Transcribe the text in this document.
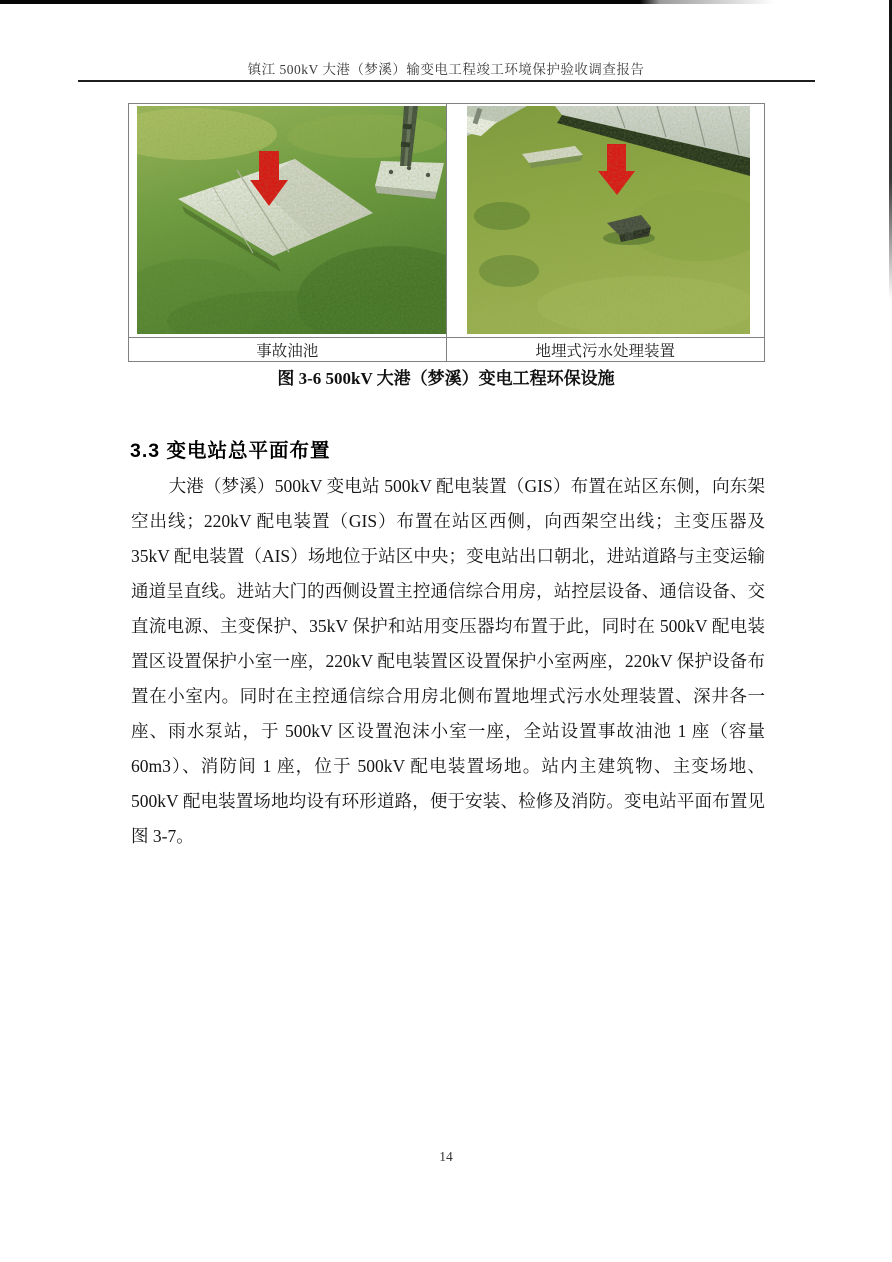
镇江 500kV 大港（梦溪）输变电工程竣工环境保护验收调查报告
事故油池	地埋式污水处理装置
图 3-6 500kV 大港（梦溪）变电工程环保设施
3.3 变电站总平面布置
大港（梦溪）500kV 变电站 500kV 配电装置（GIS）布置在站区东侧，向东架空出线；220kV 配电装置（GIS）布置在站区西侧，向西架空出线；主变压器及 35kV 配电装置（AIS）场地位于站区中央；变电站出口朝北，进站道路与主变运输通道呈直线。进站大门的西侧设置主控通信综合用房，站控层设备、通信设备、交直流电源、主变保护、35kV 保护和站用变压器均布置于此，同时在 500kV 配电装置区设置保护小室一座，220kV 配电装置区设置保护小室两座，220kV 保护设备布置在小室内。同时在主控通信综合用房北侧布置地埋式污水处理装置、深井各一座、雨水泵站，于 500kV 区设置泡沫小室一座，全站设置事故油池 1 座（容量 60m3）、消防间 1 座，位于 500kV 配电装置场地。站内主建筑物、主变场地、500kV 配电装置场地均设有环形道路，便于安装、检修及消防。变电站平面布置见图 3-7。
14
